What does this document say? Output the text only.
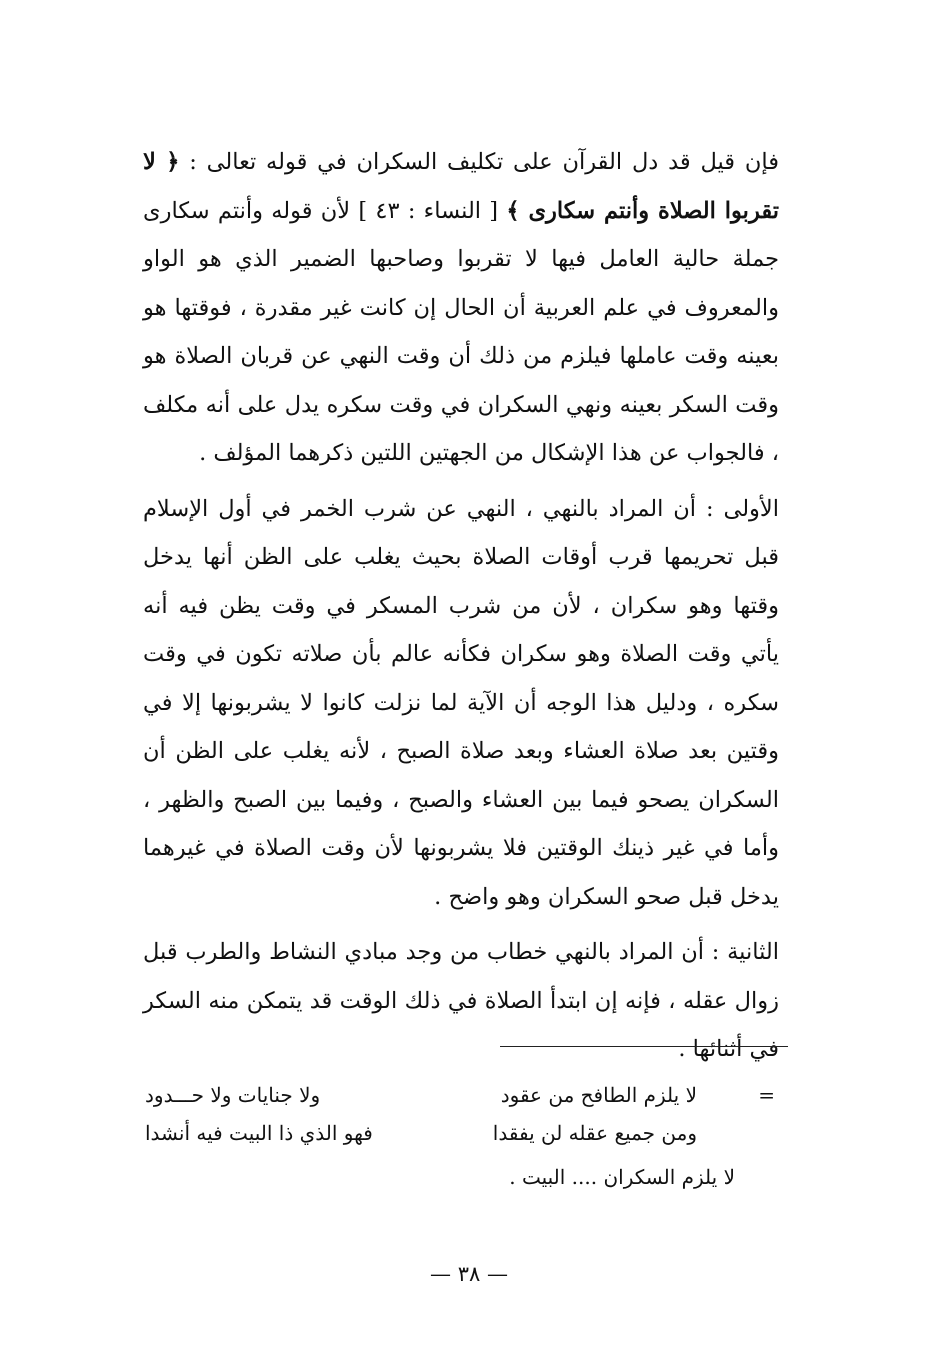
فإن قيل قد دل القرآن على تكليف السكران في قوله تعالى : ﴿ لا تقربوا الصلاة وأنتم سكارى ﴾ [ النساء : ٤٣ ] لأن قوله وأنتم سكارى جملة حالية العامل فيها لا تقربوا وصاحبها الضمير الذي هو الواو والمعروف في علم العربية أن الحال إن كانت غير مقدرة ، فوقتها هو بعينه وقت عاملها فيلزم من ذلك أن وقت النهي عن قربان الصلاة هو وقت السكر بعينه ونهي السكران في وقت سكره يدل على أنه مكلف ، فالجواب عن هذا الإشكال من الجهتين اللتين ذكرهما المؤلف .

الأولى : أن المراد بالنهي ، النهي عن شرب الخمر في أول الإسلام قبل تحريمها قرب أوقات الصلاة بحيث يغلب على الظن أنها يدخل وقتها وهو سكران ، لأن من شرب المسكر في وقت يظن فيه أنه يأتي وقت الصلاة وهو سكران فكأنه عالم بأن صلاته تكون في وقت سكره ، ودليل هذا الوجه أن الآية لما نزلت كانوا لا يشربونها إلا في وقتين بعد صلاة العشاء وبعد صلاة الصبح ، لأنه يغلب على الظن أن السكران يصحو فيما بين العشاء والصبح ، وفيما بين الصبح والظهر ، وأما في غير ذينك الوقتين فلا يشربونها لأن وقت الصلاة في غيرهما يدخل قبل صحو السكران وهو واضح .

الثانية : أن المراد بالنهي خطاب من وجد مبادي النشاط والطرب قبل زوال عقله ، فإنه إن ابتدأ الصلاة في ذلك الوقت قد يتمكن منه السكر في أثنائها .

=
لا يلزم الطافح من عقود
ومن جميع عقله لن يفقدا
ولا جنايات ولا حـــدود
فهو الذي ذا البيت فيه أنشدا
لا يلزم السكران .... البيت .
— ٣٨ —
